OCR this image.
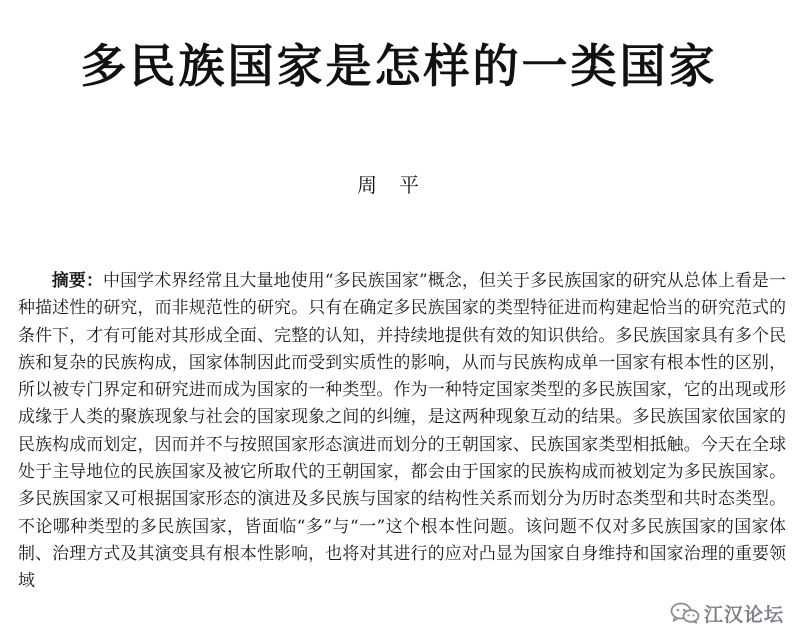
多民族国家是怎样的一类国家
周平

摘要：中国学术界经常且大量地使用“多民族国家”概念，但关于多民族国家的研究从总体上看是一种描述性的研究，而非规范性的研究。只有在确定多民族国家的类型特征进而构建起恰当的研究范式的条件下，才有可能对其形成全面、完整的认知，并持续地提供有效的知识供给。多民族国家具有多个民族和复杂的民族构成，国家体制因此而受到实质性的影响，从而与民族构成单一国家有根本性的区别，所以被专门界定和研究进而成为国家的一种类型。作为一种特定国家类型的多民族国家，它的出现或形成缘于人类的聚族现象与社会的国家现象之间的纠缠，是这两种现象互动的结果。多民族国家依国家的民族构成而划定，因而并不与按照国家形态演进而划分的王朝国家、民族国家类型相抵触。今天在全球处于主导地位的民族国家及被它所取代的王朝国家，都会由于国家的民族构成而被划定为多民族国家。多民族国家又可根据国家形态的演进及多民族与国家的结构性关系而划分为历时态类型和共时态类型。不论哪种类型的多民族国家，皆面临“多”与“一”这个根本性问题。该问题不仅对多民族国家的国家体制、治理方式及其演变具有根本性影响，也将对其进行的应对凸显为国家自身维持和国家治理的重要领域

江汉论坛
